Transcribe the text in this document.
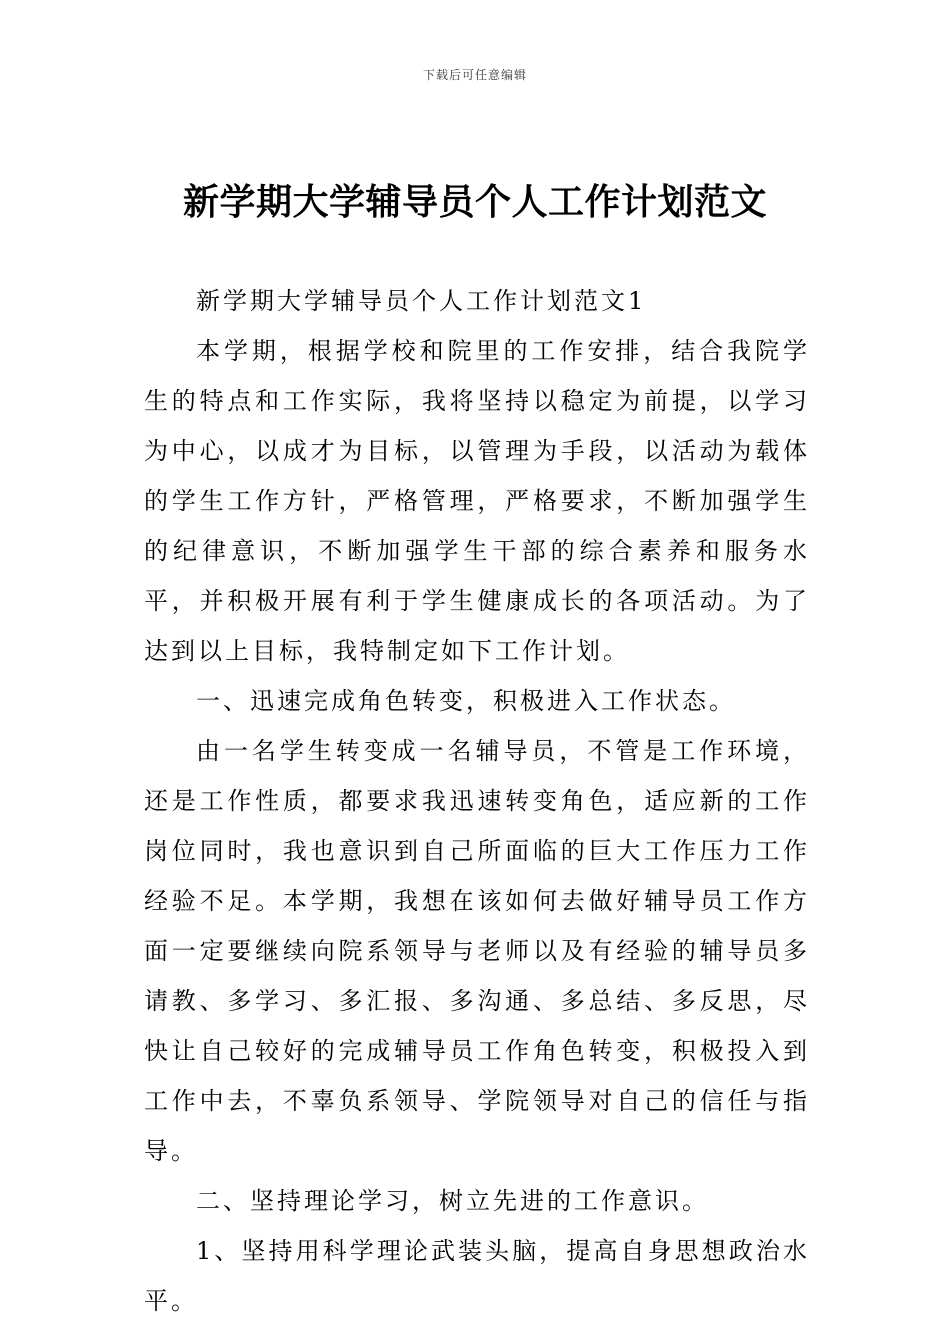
下载后可任意编辑
新学期大学辅导员个人工作计划范文

新学期大学辅导员个人工作计划范文1

本学期，根据学校和院里的工作安排，结合我院学生的特点和工作实际，我将坚持以稳定为前提，以学习为中心，以成才为目标，以管理为手段，以活动为载体的学生工作方针，严格管理，严格要求，不断加强学生的纪律意识，不断加强学生干部的综合素养和服务水平，并积极开展有利于学生健康成长的各项活动。为了达到以上目标，我特制定如下工作计划。

一、迅速完成角色转变，积极进入工作状态。

由一名学生转变成一名辅导员，不管是工作环境，还是工作性质，都要求我迅速转变角色，适应新的工作岗位同时，我也意识到自己所面临的巨大工作压力工作经验不足。本学期，我想在该如何去做好辅导员工作方面一定要继续向院系领导与老师以及有经验的辅导员多请教、多学习、多汇报、多沟通、多总结、多反思，尽快让自己较好的完成辅导员工作角色转变，积极投入到工作中去，不辜负系领导、学院领导对自己的信任与指导。

二、坚持理论学习，树立先进的工作意识。

1、坚持用科学理论武装头脑，提高自身思想政治水平。
